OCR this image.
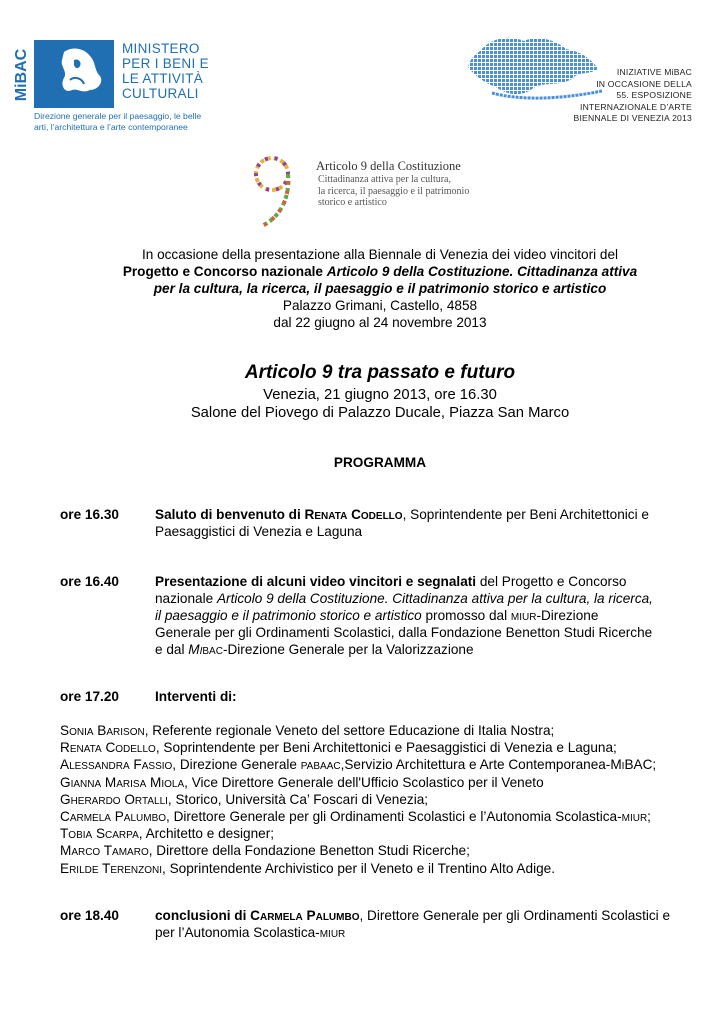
MiBAC
MINISTERO
PER I BENI E
LE ATTIVITÀ
CULTURALI
Direzione generale per il paesaggio, le belle
arti, l’architettura e l’arte contemporanee
INIZIATIVE MiBAC
IN OCCASIONE DELLA
55. ESPOSIZIONE
INTERNAZIONALE D’ARTE
BIENNALE DI VENEZIA 2013
Articolo 9 della Costituzione
Cittadinanza attiva per la cultura,
la ricerca, il paesaggio e il patrimonio
storico e artistico
In occasione della presentazione alla Biennale di Venezia dei video vincitori del
Progetto e Concorso nazionale Articolo 9 della Costituzione. Cittadinanza attiva
per la cultura, la ricerca, il paesaggio e il patrimonio storico e artistico
Palazzo Grimani, Castello, 4858
dal 22 giugno al 24 novembre 2013
Articolo 9 tra passato e futuro
Venezia, 21 giugno 2013, ore 16.30
Salone del Piovego di Palazzo Ducale, Piazza San Marco
PROGRAMMA
ore 16.30	Saluto di benvenuto di Renata Codello, Soprintendente per Beni Architettonici e
Paesaggistici di Venezia e Laguna
ore 16.40	Presentazione di alcuni video vincitori e segnalati del Progetto e Concorso
nazionale Articolo 9 della Costituzione. Cittadinanza attiva per la cultura, la ricerca,
il paesaggio e il patrimonio storico e artistico promosso dal miur-Direzione
Generale per gli Ordinamenti Scolastici, dalla Fondazione Benetton Studi Ricerche
e dal Mibac-Direzione Generale per la Valorizzazione
ore 17.20	Interventi di:
Sonia Barison, Referente regionale Veneto del settore Educazione di Italia Nostra;
Renata Codello, Soprintendente per Beni Architettonici e Paesaggistici di Venezia e Laguna;
Alessandra Fassio, Direzione Generale pabaac,Servizio Architettura e Arte Contemporanea-MiBAC;
Gianna Marisa Miola, Vice Direttore Generale dell'Ufficio Scolastico per il Veneto
Gherardo Ortalli, Storico, Università Ca’ Foscari di Venezia;
Carmela Palumbo, Direttore Generale per gli Ordinamenti Scolastici e l’Autonomia Scolastica-miur;
Tobia Scarpa, Architetto e designer;
Marco Tamaro, Direttore della Fondazione Benetton Studi Ricerche;
Erilde Terenzoni, Soprintendente Archivistico per il Veneto e il Trentino Alto Adige.
ore 18.40	conclusioni di Carmela Palumbo, Direttore Generale per gli Ordinamenti Scolastici e
per l’Autonomia Scolastica-miur
